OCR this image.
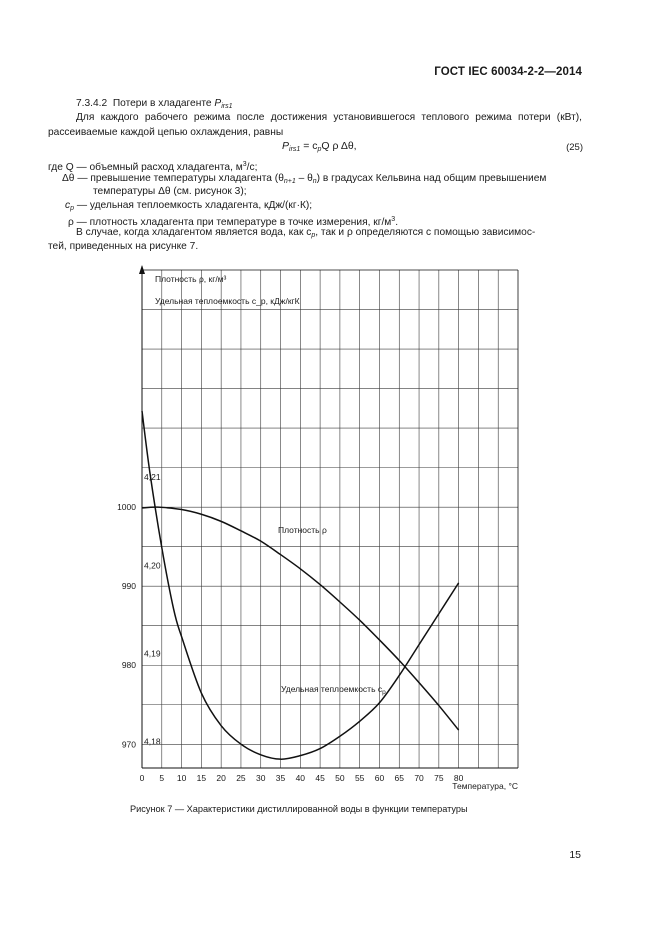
ГОСТ IEC 60034-2-2—2014
7.3.4.2 Потери в хладагенте $P_{irs1}$
Для каждого рабочего режима после достижения установившегося теплового режима потери (кВт), рассеиваемые каждой цепью охлаждения, равны
$P_{irs1} = c_pQ$ ρ Δθ,	(25)
где Q — объемный расход хладагента, $м^3/с$;
Δθ — превышение температуры хладагента $(\theta_{n+1} - \theta_n)$ в градусах Кельвина над общим превышением
температуры Δθ (см. рисунок 3);
$c_p$ — удельная теплоемкость хладагента, кДж/(кг·К);
ρ — плотность хладагента при температуре в точке измерения, $кг/м^3$.
В случае, когда хладагентом является вода, как $c_p$, так и ρ определяются с помощью зависимос-
тей, приведенных на рисунке 7.
0 5 10 15 20 25 30 35 40 45 50 55 60 65 70 75 80
970
980
990
1000
4,18
4,19
4,20
4,21
Плотность ρ, кг/м³
Удельная теплоемкость c_p, кДж/кгК
Температура, °С
Плотность ρ
Удельная теплоемкость $c_p$
Рисунок 7 — Характеристики дистиллированной воды в функции температуры
15
